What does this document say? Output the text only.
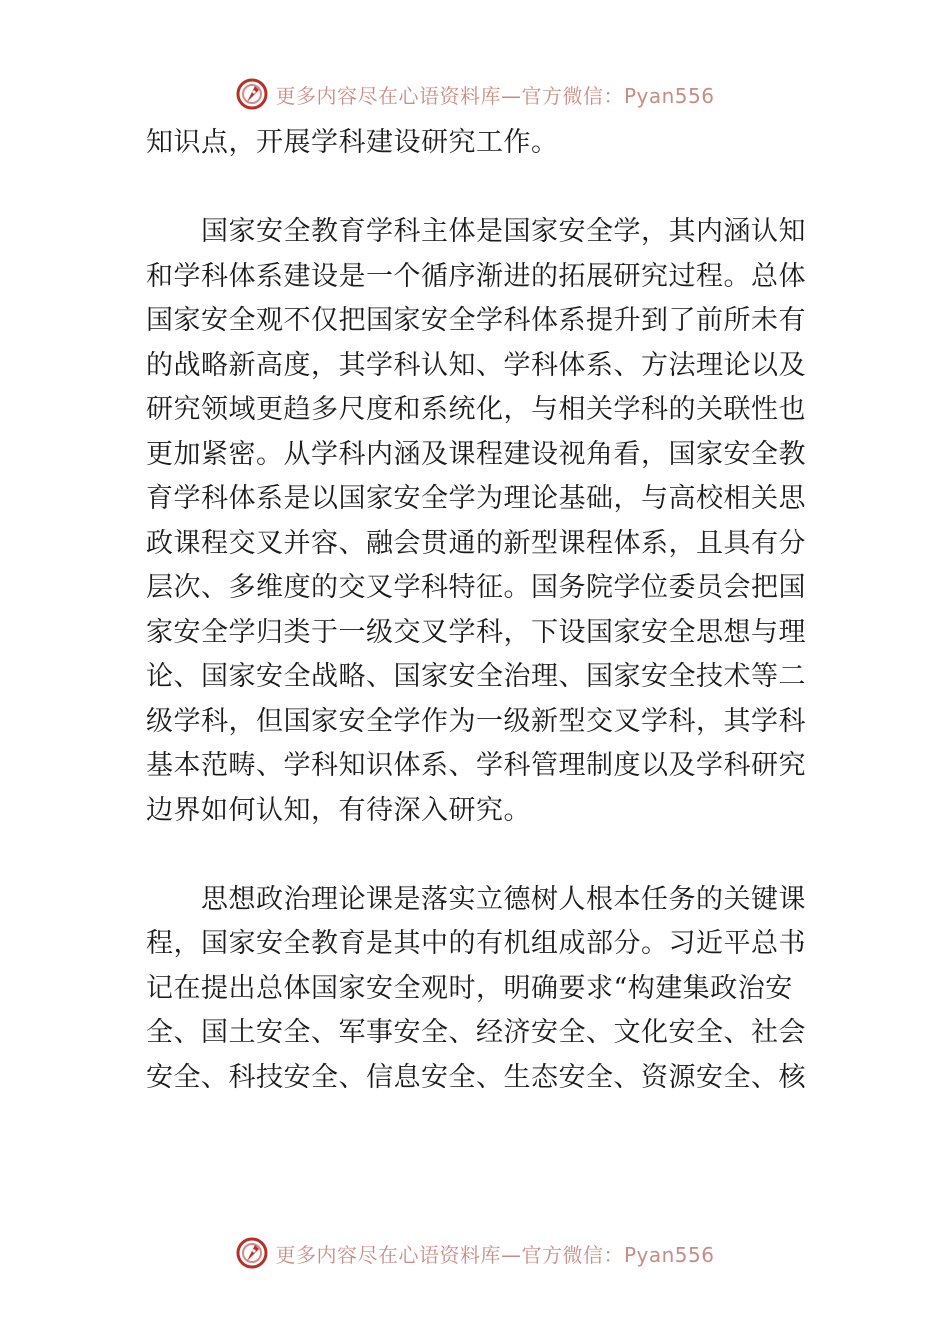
更多内容尽在心语资料库—官方微信：Pyan556
知识点，开展学科建设研究工作。
国家安全教育学科主体是国家安全学，其内涵认知
和学科体系建设是一个循序渐进的拓展研究过程。总体
国家安全观不仅把国家安全学科体系提升到了前所未有
的战略新高度，其学科认知、学科体系、方法理论以及
研究领域更趋多尺度和系统化，与相关学科的关联性也
更加紧密。从学科内涵及课程建设视角看，国家安全教
育学科体系是以国家安全学为理论基础，与高校相关思
政课程交叉并容、融会贯通的新型课程体系，且具有分
层次、多维度的交叉学科特征。国务院学位委员会把国
家安全学归类于一级交叉学科，下设国家安全思想与理
论、国家安全战略、国家安全治理、国家安全技术等二
级学科，但国家安全学作为一级新型交叉学科，其学科
基本范畴、学科知识体系、学科管理制度以及学科研究
边界如何认知，有待深入研究。
思想政治理论课是落实立德树人根本任务的关键课
程，国家安全教育是其中的有机组成部分。习近平总书
记在提出总体国家安全观时，明确要求“构建集政治安
全、国土安全、军事安全、经济安全、文化安全、社会
安全、科技安全、信息安全、生态安全、资源安全、核
更多内容尽在心语资料库—官方微信：Pyan556
